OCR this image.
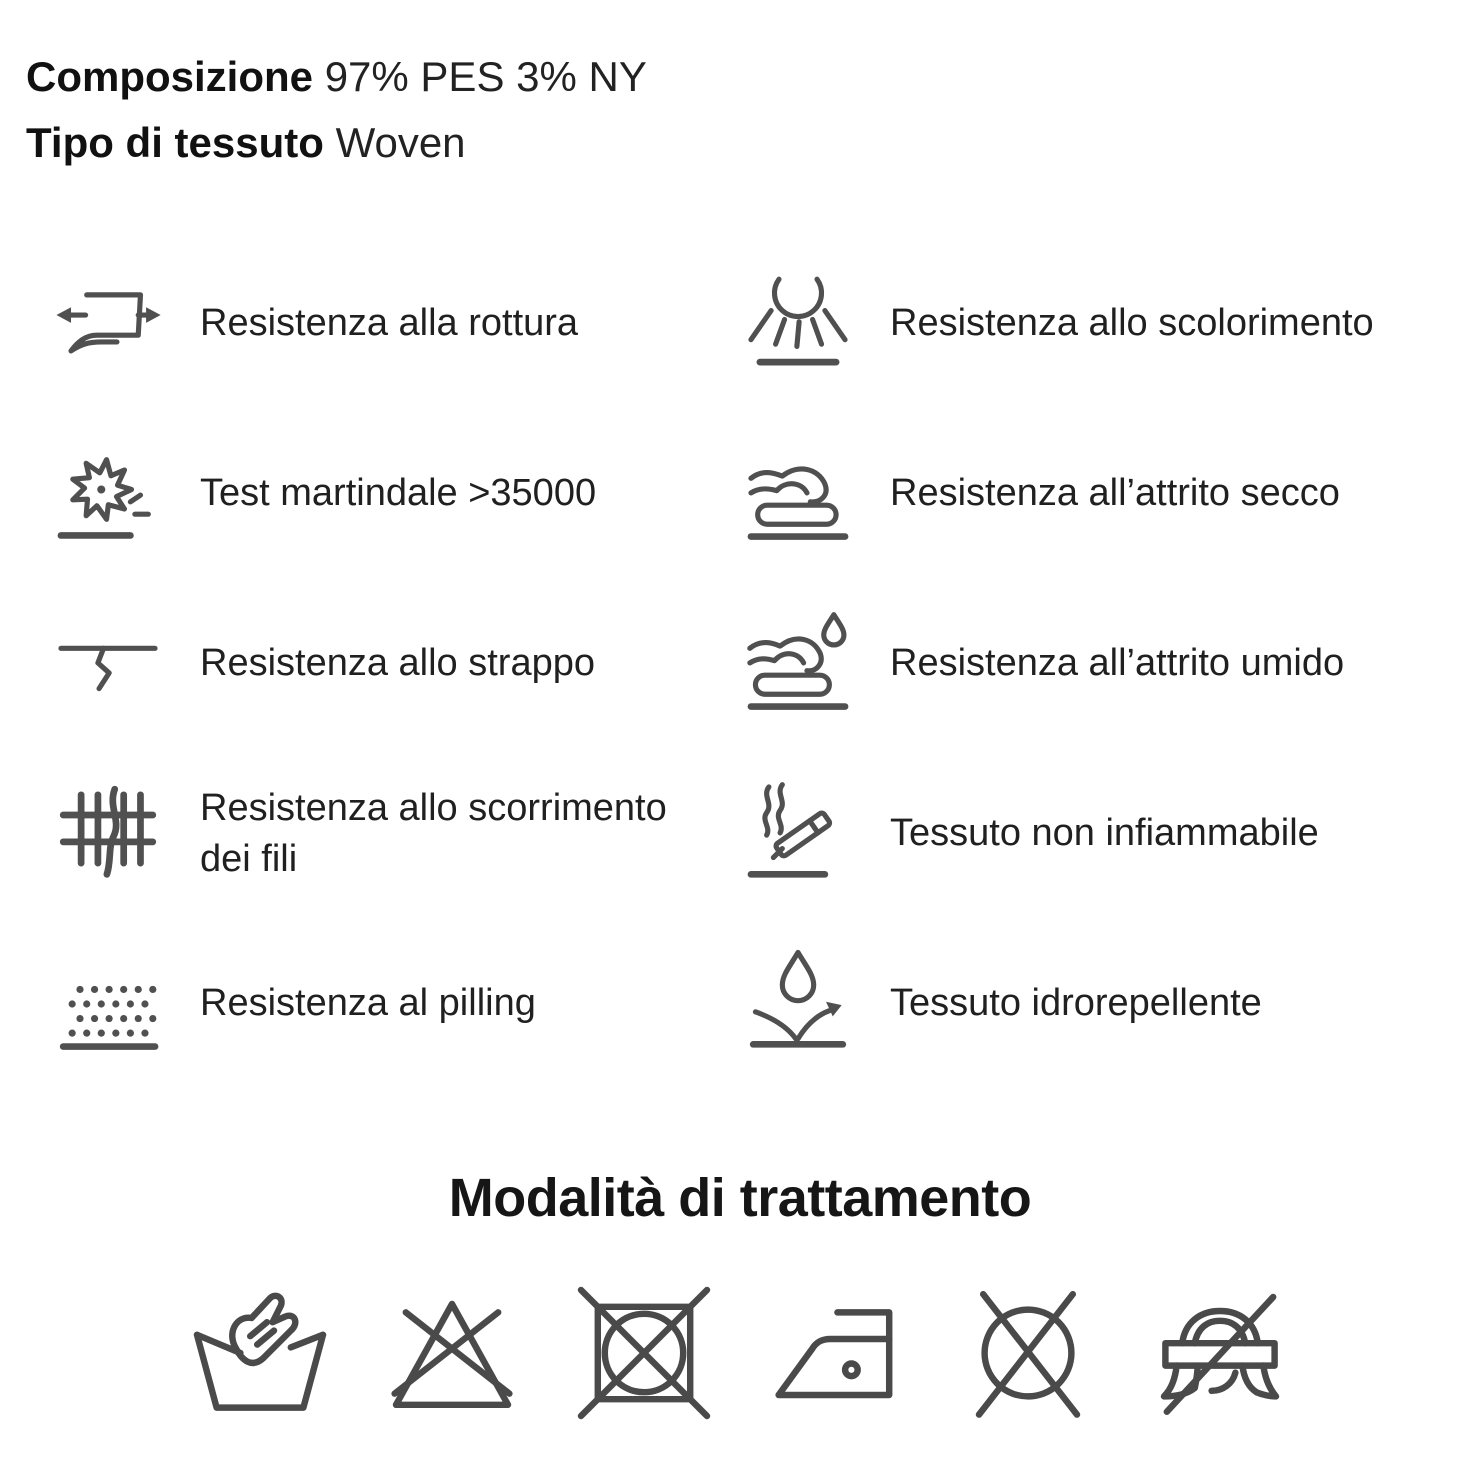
Composizione 97% PES 3% NY
Tipo di tessuto Woven
Resistenza alla rottura
Test martindale >35000
Resistenza allo strappo
Resistenza allo scorrimento dei fili
Resistenza al pilling
Resistenza allo scolorimento
Resistenza all’attrito secco
Resistenza all’attrito umido
Tessuto non infiammabile
Tessuto idrorepellente
Modalità di trattamento
